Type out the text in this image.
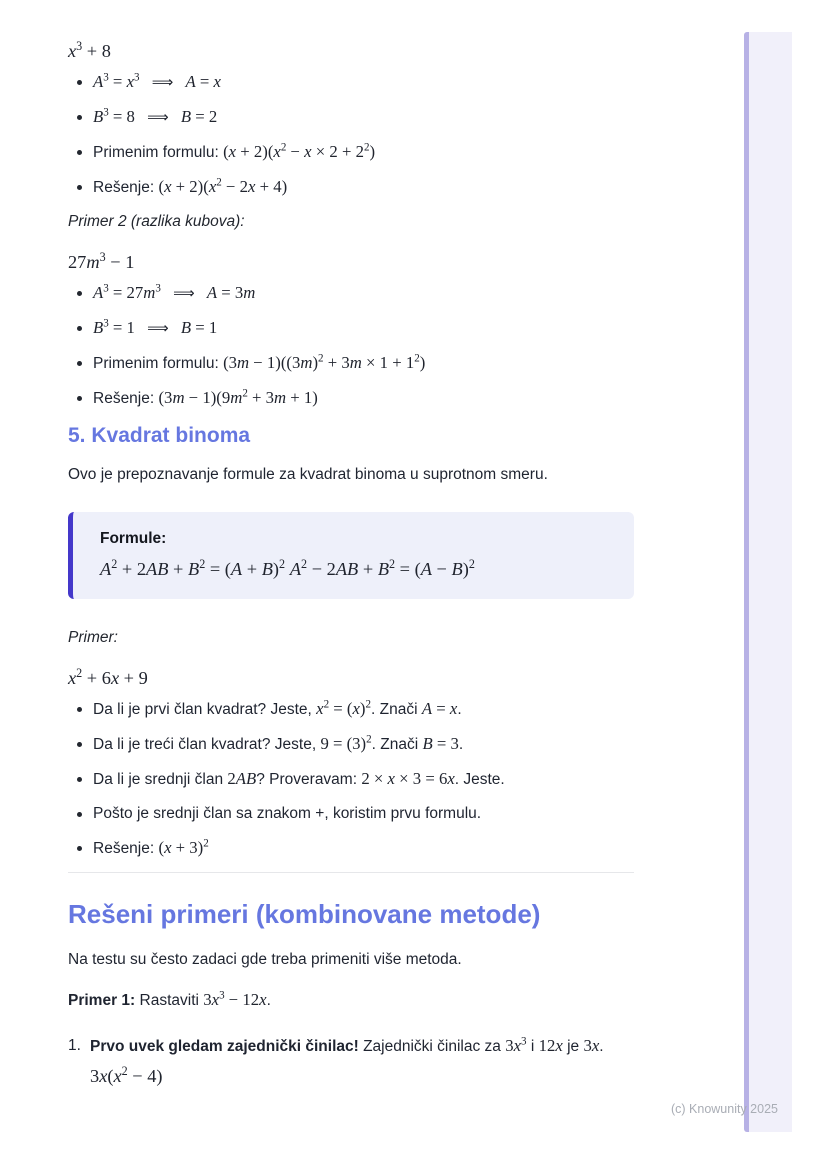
$x^3 + 8$
$A^3 = x^3$ ⟹ A = x
$B^3 = 8$ ⟹ B = 2
Primenim formulu: $(x + 2)(x^2 - x \times 2 + 2^2)$
Rešenje: $(x + 2)(x^2 - 2x + 4)$

Primer 2 (razlika kubova):

$27m^3 - 1$
$A^3 = 27m^3$ ⟹ A = 3m
$B^3 = 1$ ⟹ B = 1
Primenim formulu: $(3m - 1)((3m)^2 + 3m \times 1 + 1^2)$
Rešenje: $(3m - 1)(9m^2 + 3m + 1)$
5. Kvadrat binoma

Ovo je prepoznavanje formule za kvadrat binoma u suprotnom smeru.

Formule:
$A^2 + 2AB + B^2 = (A + B)^2$ $A^2 - 2AB + B^2 = (A - B)^2$

Primer:

$x^2 + 6x + 9$
Da li je prvi član kvadrat? Jeste, $x^2 = (x)^2$. Znači A = x.
Da li je treći član kvadrat? Jeste, $9 = (3)^2$. Znači B = 3.
Da li je srednji član 2AB? Proveravam: 2 × x × 3 = 6x. Jeste.
Pošto je srednji član sa znakom +, koristim prvu formulu.
Rešenje: $(x + 3)^2$
Rešeni primeri (kombinovane metode)

Na testu su često zadaci gde treba primeniti više metoda.

Primer 1: Rastaviti $3x^3 - 12x$.

1. Prvo uvek gledam zajednički činilac! Zajednički činilac za $3x^3$ i 12x je 3x.
$3x(x^2 - 4)$
(c) Knowunity 2025
